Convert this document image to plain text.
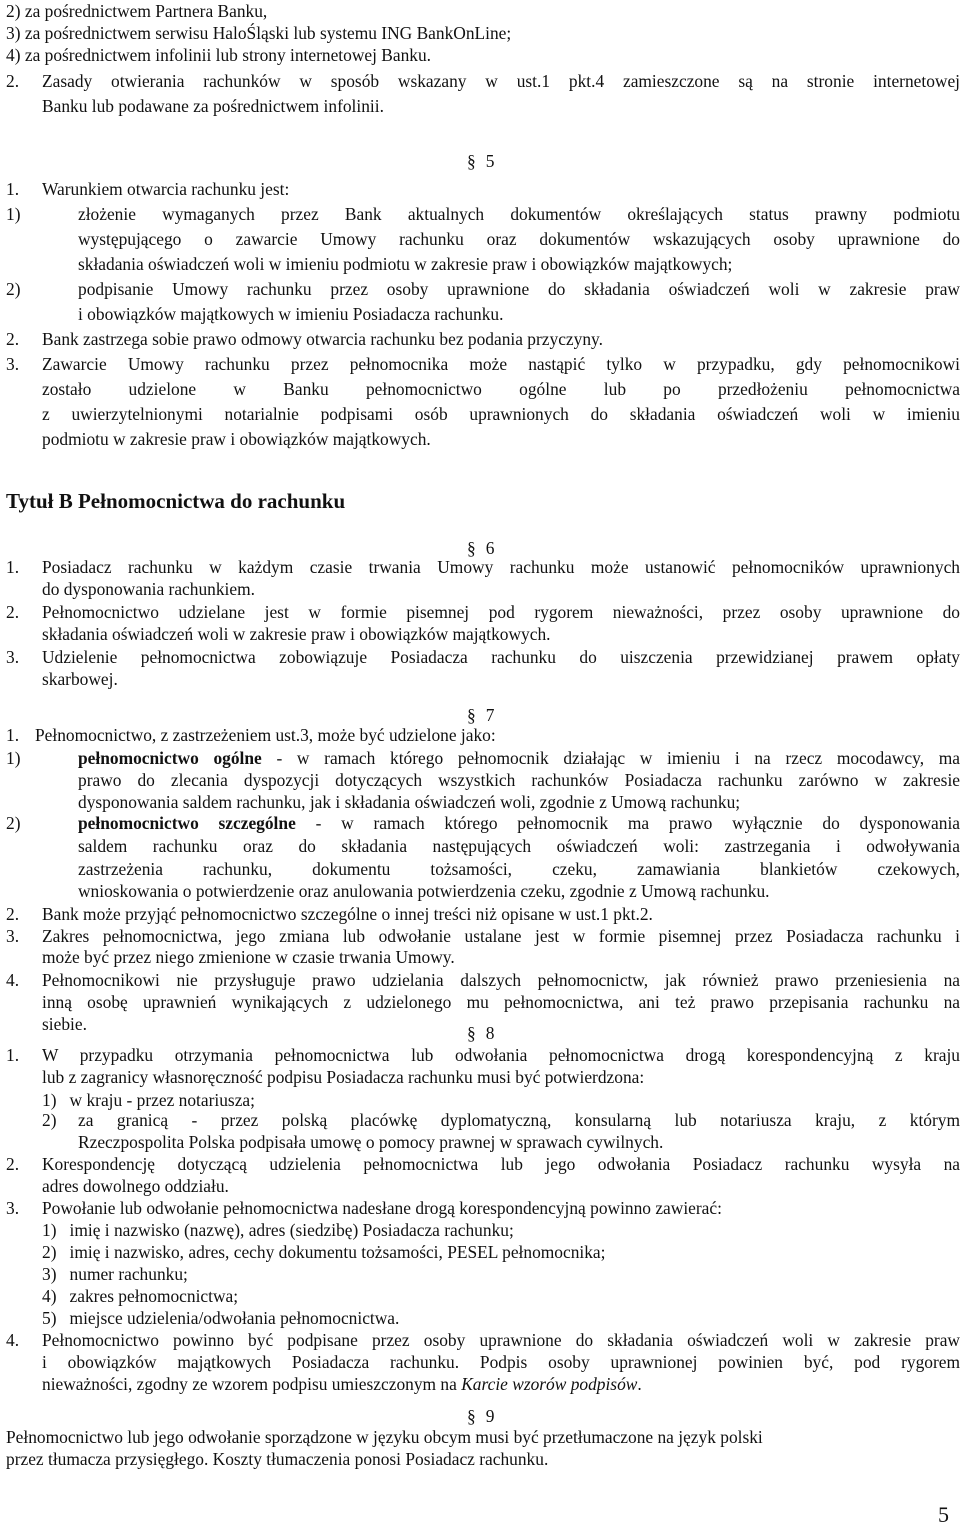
2) za pośrednictwem Partnera Banku,
3) za pośrednictwem serwisu HaloŚląski lub systemu ING BankOnLine;
4) za pośrednictwem infolinii lub strony internetowej Banku.
2. Zasady otwierania rachunków w sposób wskazany w ust.1 pkt.4 zamieszczone są na stronie internetowej
Banku lub podawane za pośrednictwem infolinii.
§ 5
1. Warunkiem otwarcia rachunku jest:
1)	złożenie wymaganych przez Bank aktualnych dokumentów określających status prawny podmiotu
występującego o zawarcie Umowy rachunku oraz dokumentów wskazujących osoby uprawnione do
składania oświadczeń woli w imieniu podmiotu w zakresie praw i obowiązków majątkowych;
2)	podpisanie Umowy rachunku przez osoby uprawnione do składania oświadczeń woli w zakresie praw
i obowiązków majątkowych w imieniu Posiadacza rachunku.
2. Bank zastrzega sobie prawo odmowy otwarcia rachunku bez podania przyczyny.
3. Zawarcie Umowy rachunku przez pełnomocnika może nastąpić tylko w przypadku, gdy pełnomocnikowi
zostało udzielone w Banku pełnomocnictwo ogólne lub po przedłożeniu pełnomocnictwa
z uwierzytelnionymi notarialnie podpisami osób uprawnionych do składania oświadczeń woli w imieniu
podmiotu w zakresie praw i obowiązków majątkowych.
Tytuł B Pełnomocnictwa do rachunku
§ 6
1. Posiadacz rachunku w każdym czasie trwania Umowy rachunku może ustanowić pełnomocników uprawnionych
do dysponowania rachunkiem.
2. Pełnomocnictwo udzielane jest w formie pisemnej pod rygorem nieważności, przez osoby uprawnione do
składania oświadczeń woli w zakresie praw i obowiązków majątkowych.
3. Udzielenie pełnomocnictwa zobowiązuje Posiadacza rachunku do uiszczenia przewidzianej prawem opłaty
skarbowej.
§ 7
1. Pełnomocnictwo, z zastrzeżeniem ust.3, może być udzielone jako:
1)	pełnomocnictwo ogólne - w ramach którego pełnomocnik działając w imieniu i na rzecz mocodawcy, ma
prawo do zlecania dyspozycji dotyczących wszystkich rachunków Posiadacza rachunku zarówno w zakresie
dysponowania saldem rachunku, jak i składania oświadczeń woli, zgodnie z Umową rachunku;
2)	pełnomocnictwo szczególne - w ramach którego pełnomocnik ma prawo wyłącznie do dysponowania
saldem rachunku oraz do składania następujących oświadczeń woli: zastrzegania i odwoływania
zastrzeżenia rachunku, dokumentu tożsamości, czeku, zamawiania blankietów czekowych,
wnioskowania o potwierdzenie oraz anulowania potwierdzenia czeku, zgodnie z Umową rachunku.
2. Bank może przyjąć pełnomocnictwo szczególne o innej treści niż opisane w ust.1 pkt.2.
3. Zakres pełnomocnictwa, jego zmiana lub odwołanie ustalane jest w formie pisemnej przez Posiadacza rachunku i
może być przez niego zmienione w czasie trwania Umowy.
4. Pełnomocnikowi nie przysługuje prawo udzielania dalszych pełnomocnictw, jak również prawo przeniesienia na
inną osobę uprawnień wynikających z udzielonego mu pełnomocnictwa, ani też prawo przepisania rachunku na
siebie.	§ 8
1. W przypadku otrzymania pełnomocnictwa lub odwołania pełnomocnictwa drogą korespondencyjną z kraju
lub z zagranicy własnoręczność podpisu Posiadacza rachunku musi być potwierdzona:
1) w kraju - przez notariusza;
2) za granicą - przez polską placówkę dyplomatyczną, konsularną lub notariusza kraju, z którym
Rzeczpospolita Polska podpisała umowę o pomocy prawnej w sprawach cywilnych.
2. Korespondencję dotyczącą udzielenia pełnomocnictwa lub jego odwołania Posiadacz rachunku wysyła na
adres dowolnego oddziału.
3. Powołanie lub odwołanie pełnomocnictwa nadesłane drogą korespondencyjną powinno zawierać:
1) imię i nazwisko (nazwę), adres (siedzibę) Posiadacza rachunku;
2) imię i nazwisko, adres, cechy dokumentu tożsamości, PESEL pełnomocnika;
3) numer rachunku;
4) zakres pełnomocnictwa;
5) miejsce udzielenia/odwołania pełnomocnictwa.
4. Pełnomocnictwo powinno być podpisane przez osoby uprawnione do składania oświadczeń woli w zakresie praw
i obowiązków majątkowych Posiadacza rachunku. Podpis osoby uprawnionej powinien być, pod rygorem
nieważności, zgodny ze wzorem podpisu umieszczonym na Karcie wzorów podpisów.
§ 9
Pełnomocnictwo lub jego odwołanie sporządzone w języku obcym musi być przetłumaczone na język polski
przez tłumacza przysięgłego. Koszty tłumaczenia ponosi Posiadacz rachunku.
5
